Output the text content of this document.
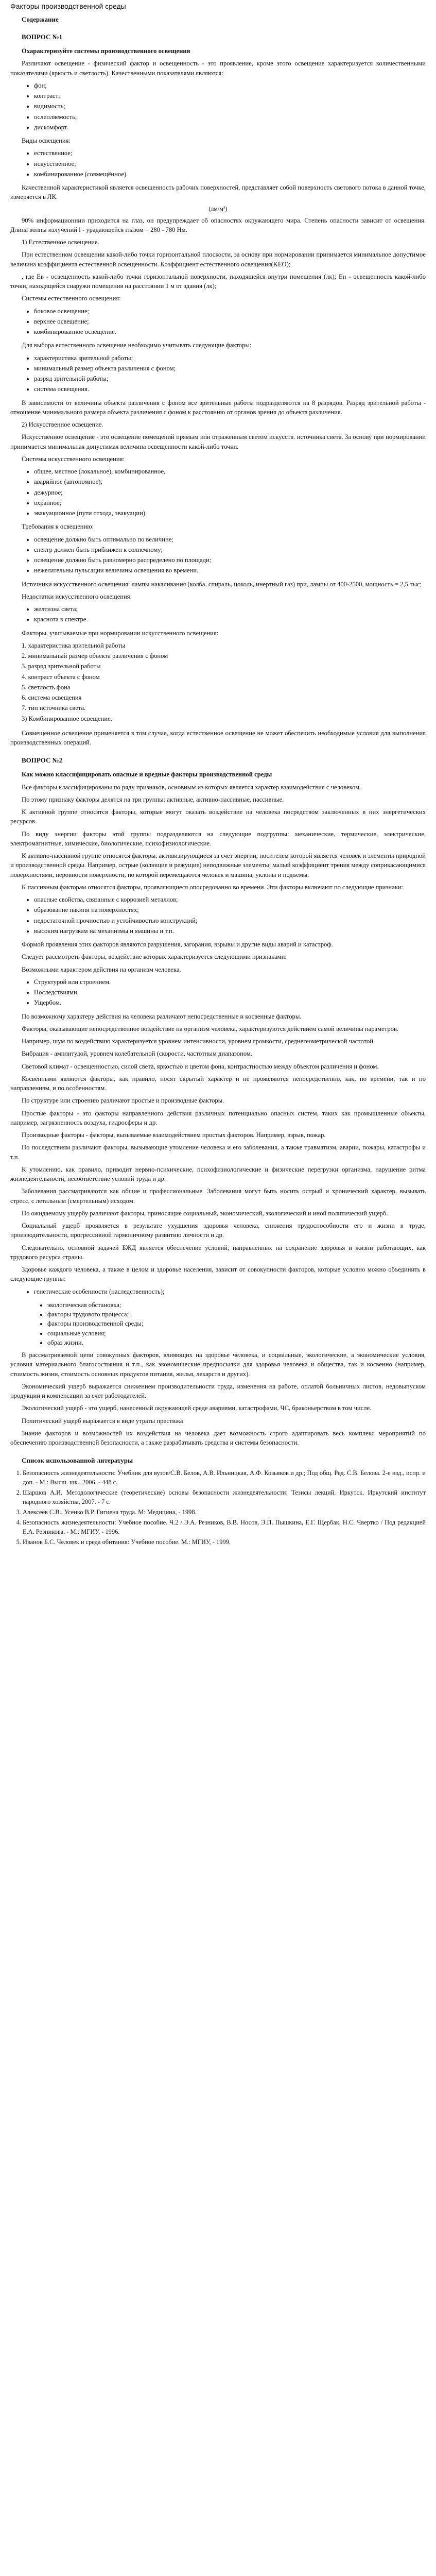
Факторы производственной среды
Содержание
ВОПРОС №1

Охарактеризуйте системы производственного освещения

Различают освещение - физический фактор и освещенность - это проявление, кроме этого освещение характеризуется количественными показателями (яркость и светлость). Качественными показателями являются:

• фон;
• контраст;
• видимость;
• ослепляемость;
• дискомфорт.

Виды освещения:

• естественное;
• искусственное;
• комбинированное (совмещённое).

Качественной характеристикой является освещенность рабочих поверхностей, представляет собой поверхность светового потока в данной точке, измеряется в ЛК.

(лм/м²)

90% информационнии приходится на глаз, он предупреждает об опасностях окружающего мира. Степень опасности зависит от освещения. Длина волны излучений l - урадающейся глазом = 280 - 780 Нм.

1) Естественное освещение.

При естественном освещении какой-либо точки горизонтальной плоскости, за основу при нормировании принимается минимальное допустимое величина коэффициента естественной освещенности. Коэффициент естественного освещения(KEO);

, где Ев - освещенность какой-либо точки горизонтальной поверхности, находящейся внутри помещения (лк); Eн - освещенность какой-либо точки, находящейся снаружи помещения на расстоянии 1 м от здания (лк);

Системы естественного освещения:

• боковое освещение;
• верхнее освещение;
• комбинированное освещение.

Для выбора естественного освещение необходимо учитывать следующие факторы:

• характеристика зрительной работы;
• минимальный размер объекта различения с фоном;
• разряд зрительной работы;
• система освещения.

В зависимости от величины объекта различения с фоном все зрительные работы подразделяются на 8 разрядов. Разряд зрительной работы - отношение минимального размера объекта различения с фоном к расстоянию от органов зрения до объекта различения.

2) Искусственное освещение.

Искусственное освещение - это освещение помещений прямым или отраженным светом искусств. источника света. За основу при нормировании принимается минимальная допустимая величина освещенности какой-либо точки.

Системы искусственного освещения:

• общее, местное (локальное), комбинированное,
• аварийное (автономное);
• дежурное;
• охранное;
• эвакуационное (пути отхода, эвакуации).

Требования к освещению:

• освещение должно быть оптимально по величине;
• спектр должен быть приближен к солнечному;
• освещение должно быть равномерно распределено по площади;
• нежелательны пульсации величины освещения во времени.

Источники искусственного освещения: лампы накаливания (колба, спираль, цоколь, инертный газ) при, лампы от 400-2500, мощность = 2,5 тыс;

Недостатки искусственного освещения:

• желтизна света;
• краснота в спектре.

Факторы, учитываемые при нормировании искусственного освещения:

1. характеристика зрительной работы
2. минимальный размер объекта различения с фоном
3. разряд зрительной работы
4. контраст объекта с фоном
5. светлость фона
6. система освещения
7. тип источника света.
3) Комбинированное освещение.

Совмещенное освещение применяется в том случае, когда естественное освещение не может обеспечить необходимые условия для выполнения производственных операций.

ВОПРОС №2

Как можно классифицировать опасные и вредные факторы производственной среды

Все факторы классифицированы по ряду признаков, основным из которых является характер взаимодействия с человеком.

По этому признаку факторы делятся на три группы: активные, активно-пассивные, пассивные.

К активной группе относятся факторы, которые могут оказать воздействие на человека посредством заключенных в них энергетических ресурсов.

По виду энергии факторы этой группы подразделяются на следующие подгруппы: механические, термические, электрические, электромагнитные, химические, биологические, психофизиологические.

К активно-пассивной группе относятся факторы, активизирующиеся за счет энергии, носителем которой является человек и элементы природной и производственной среды. Например, острые (колющие и режущие) неподвижные элементы; малый коэффициент трения между соприкасающимися поверхностями, неровности поверхности, по которой перемещаются человек и машина; уклоны и подъемы.

К пассивным факторам относятся факторы, проявляющиеся опосредованно во времени. Эти факторы включают по следующие признаки:

• опасные свойства, связанные с коррозией металлов;
• образование накипи на поверхностях;
• недостаточной прочностью и устойчивостью конструкций;
• высоким нагрузкам на механизмы и машины и т.п.

Формой проявления этих факторов являются разрушения, загорания, взрывы и другие виды аварий и катастроф.

Следует рассмотреть факторы, воздействие которых характеризуется следующими признаками:

Возможными характером действия на организм человека.

• Структурой или строением.
• Последствиями.
• Ущербом.

По возможному характеру действия на человека различают непосредственные и косвенные факторы.

Факторы, оказывающие непосредственное воздействие на организм человека, характеризуются действием самой величины параметров.

Например, шум по воздействию характеризуется уровнем интенсивности, уровнем громкости, среднегеометрической частотой.

Вибрация - амплитудой, уровнем колебательной (скорости, частотным диапазоном.

Световой климат - освещенностью, силой света, яркостью и цветом фона, контрастностью между объектом различения и фоном.

Косвенными являются факторы, как правило, носят скрытый характер и не проявляются непосредственно, как, по времени, так и по направлениям, и по особенностям.

По структуре или строению различают простые и производные факторы.

Простые факторы - это факторы направленного действия различных потенциально опасных систем, таких как промышленные объекты, например, загрязненность воздуха, гидросферы и др.

Производные факторы - факторы, вызываемые взаимодействием простых факторов. Например, взрыв, пожар.

По последствиям различают факторы, вызывающие утомление человека и его заболевания, а также травматизм, аварии, пожары, катастрофы и т.п.

К утомлению, как правило, приводит нервно-психические, психофизиологические и физические перегрузки организма, нарушение ритма жизнедеятельности, несоответствие условий труда и др.

Заболевания рассматриваются как общие и профессиональные. Заболевания могут быть носить острый и хронический характер, вызывать стресс, с летальным (смертельным) исходом.

По ожидаемому ущербу различают факторы, приносящие социальный, экономический, экологический и иной политический ущерб.

Социальный ущерб проявляется в результате ухудшения здоровья человека, снижения трудоспособности его и жизни в труде, производительности, прогрессивной гармоничному развитию личности и др.

Следовательно, основной задачей БЖД является обеспечение условий, направленных на сохранение здоровья и жизни работающих, как трудового ресурса страны.

Здоровье каждого человека, а также в целом и здоровье населения, зависит от совокупности факторов, которые условно можно объединить в следующие группы:

• генетические особенности (наследственность);
• экологическая обстановка;
• факторы трудового процесса;
• факторы производственной среды;
• социальные условия;
• образ жизни.

В рассматриваемой цепи совокупных факторов, влияющих на здоровье человека, и социальные, экологические, а экономические условия, условия материального благосостояния и т.п., как экономические предпосылки для здоровья человека и общества, так и косвенно (например, стоимость жизни, стоимость основных продуктов питания, жилья, лекарств и других).

Экономический ущерб выражается снижением производительности труда, изменения на работе, оплатой больничных листов, недовыпуском продукции и компенсации за счет работодателей.

Экологический ущерб - это ущерб, нанесенный окружающей среде авариями, катастрофами, ЧС, браконьерством в том числе.

Политический ущерб выражается в виде утраты престижа

Знание факторов и возможностей их воздействия на человека дает возможность строго адаптировать весь комплекс мероприятий по обеспечению производственной безопасности, а также разрабатывать средства и системы безопасности.

Список использованной литературы
1. Безопасность жизнедеятельности: Учебник для вузов/С.В. Белов, А.В. Ильницкая, А.Ф. Козьяков и др.; Под общ. Ред. С.В. Белова. 2-е изд., испр. и доп. - М.: Высш. шк., 2006. - 448 с.
2. Шаршов А.И. Методологические (теоретические) основы безопасности жизнедеятельности: Тезисы лекций. Иркутск. Иркутский институт народного хозяйства, 2007. - 7 с.
3. Алексеев С.В., Усенко В.Р. Гигиена труда. М: Медицина, - 1998.
4. Безопасность жизнедеятельности: Учебное пособие. Ч.2 / Э.А. Резников, В.В. Носов, Э.П. Пышкина, Е.Г. Щербак, Н.С. Чвертко / Под редакцией Е.А. Резникова. - М.: МГИУ, - 1996.
5. Иванов Б.С. Человек и среда обитания: Учебное пособие. М.: МГИУ, - 1999.
